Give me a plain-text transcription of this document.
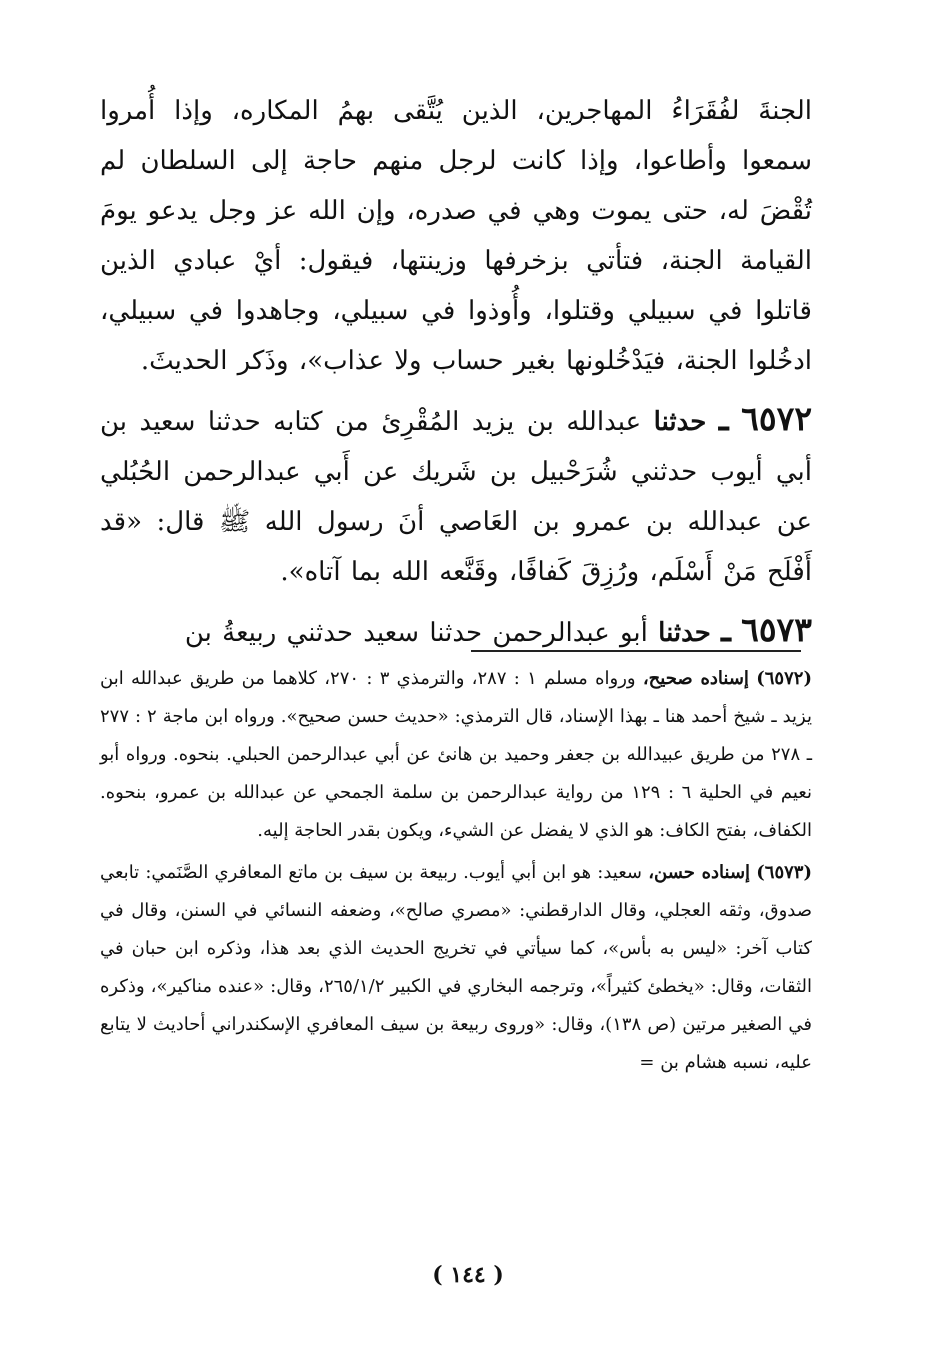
الجنةَ لفُقَرَاءُ المهاجرين، الذين يُتَّقى بهمُ المكاره، وإذا أُمروا سمعوا وأطاعوا، وإذا كانت لرجل منهم حاجة إلى السلطان لم تُقْضَ له، حتى يموت وهي في صدره، وإن الله عز وجل يدعو يومَ القيامة الجنة، فتأتي بزخرفها وزينتها، فيقول: أيْ عبادي الذين قاتلوا في سبيلي وقتلوا، وأُوذوا في سبيلي، وجاهدوا في سبيلي، ادخُلوا الجنة، فيَدْخُلونها بغير حساب ولا عذاب»، وذَكر الحديثَ.

٦٥٧٢ ـ حدثنا عبدالله بن يزيد المُقْرِئ من كتابه حدثنا سعيد بن أبي أيوب حدثني شُرَحْبيل بن شَريك عن أَبي عبدالرحمن الحُبُلي عن عبدالله بن عمرو بن العَاصي أنَ رسول الله ﷺ قال: «قد أَفْلَح مَنْ أَسْلَم، ورُزِقَ كَفافًا، وقَنَّعه الله بما آتاه».

٦٥٧٣ ـ حدثنا أبو عبدالرحمن حدثنا سعيد حدثني ربيعةُ بن

(٦٥٧٢) إسناده صحيح، ورواه مسلم ١ : ٢٨٧، والترمذي ٣ : ٢٧٠، كلاهما من طريق عبدالله ابن يزيد ـ شيخ أحمد هنا ـ بهذا الإسناد، قال الترمذي: «حديث حسن صحيح». ورواه ابن ماجة ٢ : ٢٧٧ ـ ٢٧٨ من طريق عبيدالله بن جعفر وحميد بن هانئ عن أبي عبدالرحمن الحبلي. بنحوه. ورواه أبو نعيم في الحلية ٦ : ١٢٩ من رواية عبدالرحمن بن سلمة الجمحي عن عبدالله بن عمرو، بنحوه. الكفاف، بفتح الكاف: هو الذي لا يفضل عن الشيء، ويكون بقدر الحاجة إليه.
(٦٥٧٣) إسناده حسن، سعيد: هو ابن أبي أيوب. ربيعة بن سيف بن ماتع المعافري الصَّنَمي: تابعي صدوق، وثقه العجلي، وقال الدارقطني: «مصري صالح»، وضعفه النسائي في السنن، وقال في كتاب آخر: «ليس به بأس»، كما سيأتي في تخريج الحديث الذي بعد هذا، وذكره ابن حبان في الثقات، وقال: «يخطئ كثيراً»، وترجمه البخاري في الكبير ٢٦٥/١/٢، وقال: «عنده مناكير»، وذكره في الصغير مرتين (ص ١٣٨)، وقال: «وروى ربيعة بن سيف المعافري الإسكندراني أحاديث لا يتابع عليه، نسبه هشام بن =
( ١٤٤ )
